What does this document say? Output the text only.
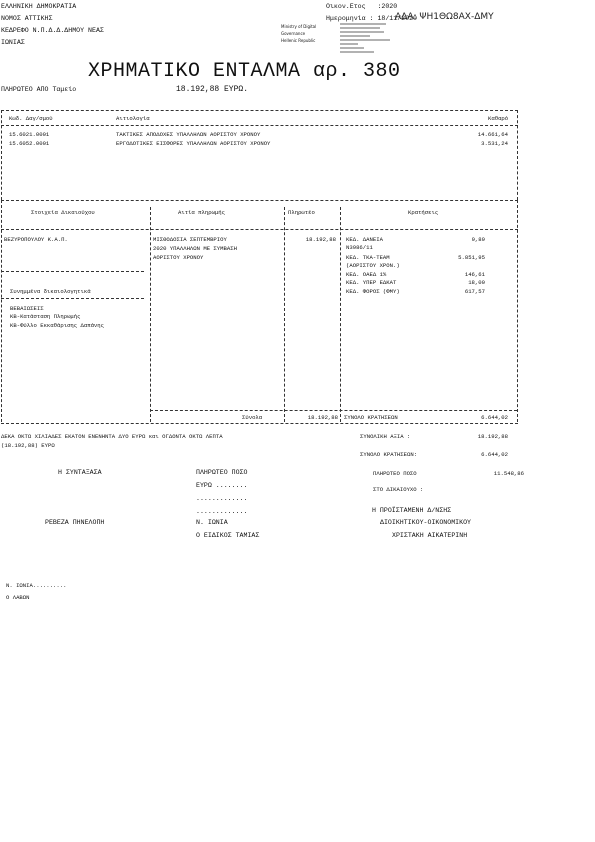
ΕΛΛΗΝΙΚΗ ΔΗΜΟΚΡΑΤΙΑ
ΝΟΜΟΣ ΑΤΤΙΚΗΣ
ΚΕΔΡΕΦΟ Ν.Π.Δ.Δ.ΔΗΜΟΥ ΝΕΑΣ
ΙΩΝΙΑΣ
Οικον.Ετος   :2020
Ημερομηνία : 18/11/2020
ΑΔΑ: ΨΗ1ΘΩ8ΑΧ-ΔΜΥ
Ministry of Digital
Governance
Hellenic Republic
ΧΡΗΜΑΤΙΚΟ ΕΝΤΑΛΜΑ αρ. 380
ΠΛΗΡΩΤΕΟ ΑΠΟ Ταμείο	18.192,88 ΕΥΡΩ.
Κωδ. Δαγ/σμού	Αιτιολογία	Καθαρό
15.6021.0001	ΤΑΚΤΙΚΕΣ ΑΠΟΔΟΧΕΣ ΥΠΑΛΛΗΛΩΝ ΑΟΡΙΣΤΟΥ ΧΡΟΝΟΥ	14.661,64
15.6052.0001	ΕΡΓΟΔΟΤΙΚΕΣ ΕΙΣΦΟΡΕΣ ΥΠΑΛΛΗΛΩΝ ΑΟΡΙΣΤΟΥ ΧΡΟΝΟΥ	3.531,24
Στοιχεία Δικαιούχου	Αιτία πληρωμής	Πληρωτέο	Κρατήσεις
ΒΕΖΥΡΟΠΟΥΛΟΥ Κ.Α.Π.	ΜΙΣΘΟΔΟΣΙΑ ΣΕΠΤΕΜΒΡΙΟΥ
2020 ΥΠΑΛΛΗΛΩΝ ΜΕ ΣΥΜΒΑΣΗ
ΑΟΡΙΣΤΟΥ ΧΡΟΝΟΥ
18.192,88 ΚΕΔ. ΔΑΝΕΙΑ	9,89
Ν3986/11
ΚΕΔ. ΤΚΑ-ΤΕΑΜ	5.851,95
(ΑΟΡΙΣΤΟΥ ΧΡΟΝ.)
ΚΕΔ. ΟΑΕΔ 1%	146,61
ΚΕΔ. ΥΠΕΡ ΕΔΚΑΤ	18,00
ΚΕΔ. ΦΟΡΟΣ (ΦΜΥ)	617,57
Συνημμένα δικαιολογητικά
ΒΕΒΑΙΩΣΕΙΣ
ΚΒ-Κατάσταση Πληρωμής
ΚΒ-Φύλλο Εκκαθάρισης Δαπάνης
Σύνολα	18.192,88 ΣΥΝΟΛΟ ΚΡΑΤΗΣΕΩΝ	6.644,02
ΔΕΚΑ ΟΚΤΩ ΧΙΛΙΑΔΕΣ ΕΚΑΤΟΝ ΕΝΕΝΗΝΤΑ ΔΥΟ ΕΥΡΩ και ΟΓΔΟΝΤΑ ΟΚΤΩ ΛΕΠΤΑ
(18.192,88) ΕΥΡΩ
ΣΥΝΟΛΙΚΗ ΑΞΙΑ :	18.192,88
ΣΥΝΟΛΟ ΚΡΑΤΗΣΕΩΝ:	6.644,02
ΠΛΗΡΩΤΕΟ ΠΟΣΟ	11.548,86
Η ΣΥΝΤΑΞΑΣΑ
ΡΕΒΕΖΑ ΠΗΝΕΛΟΠΗ
ΠΛΗΡΩΤΕΟ ΠΟΣΟ
ΕΥΡΩ ........
.............
.............
Ν. ΙΩΝΙΑ
Ο ΕΙΔΙΚΟΣ ΤΑΜΙΑΣ
ΣΤΟ ΔΙΚΑΙΟΥΧΟ :
Η ΠΡΟΪΣΤΑΜΕΝΗ Δ/ΝΣΗΣ
ΔΙΟΙΚΗΤΙΚΟΥ-ΟΙΚΟΝΟΜΙΚΟΥ
ΧΡΙΣΤΑΚΗ ΑΙΚΑΤΕΡΙΝΗ
Ν. ΙΩΝΙΑ..........
Ο ΛΑΒΩΝ
